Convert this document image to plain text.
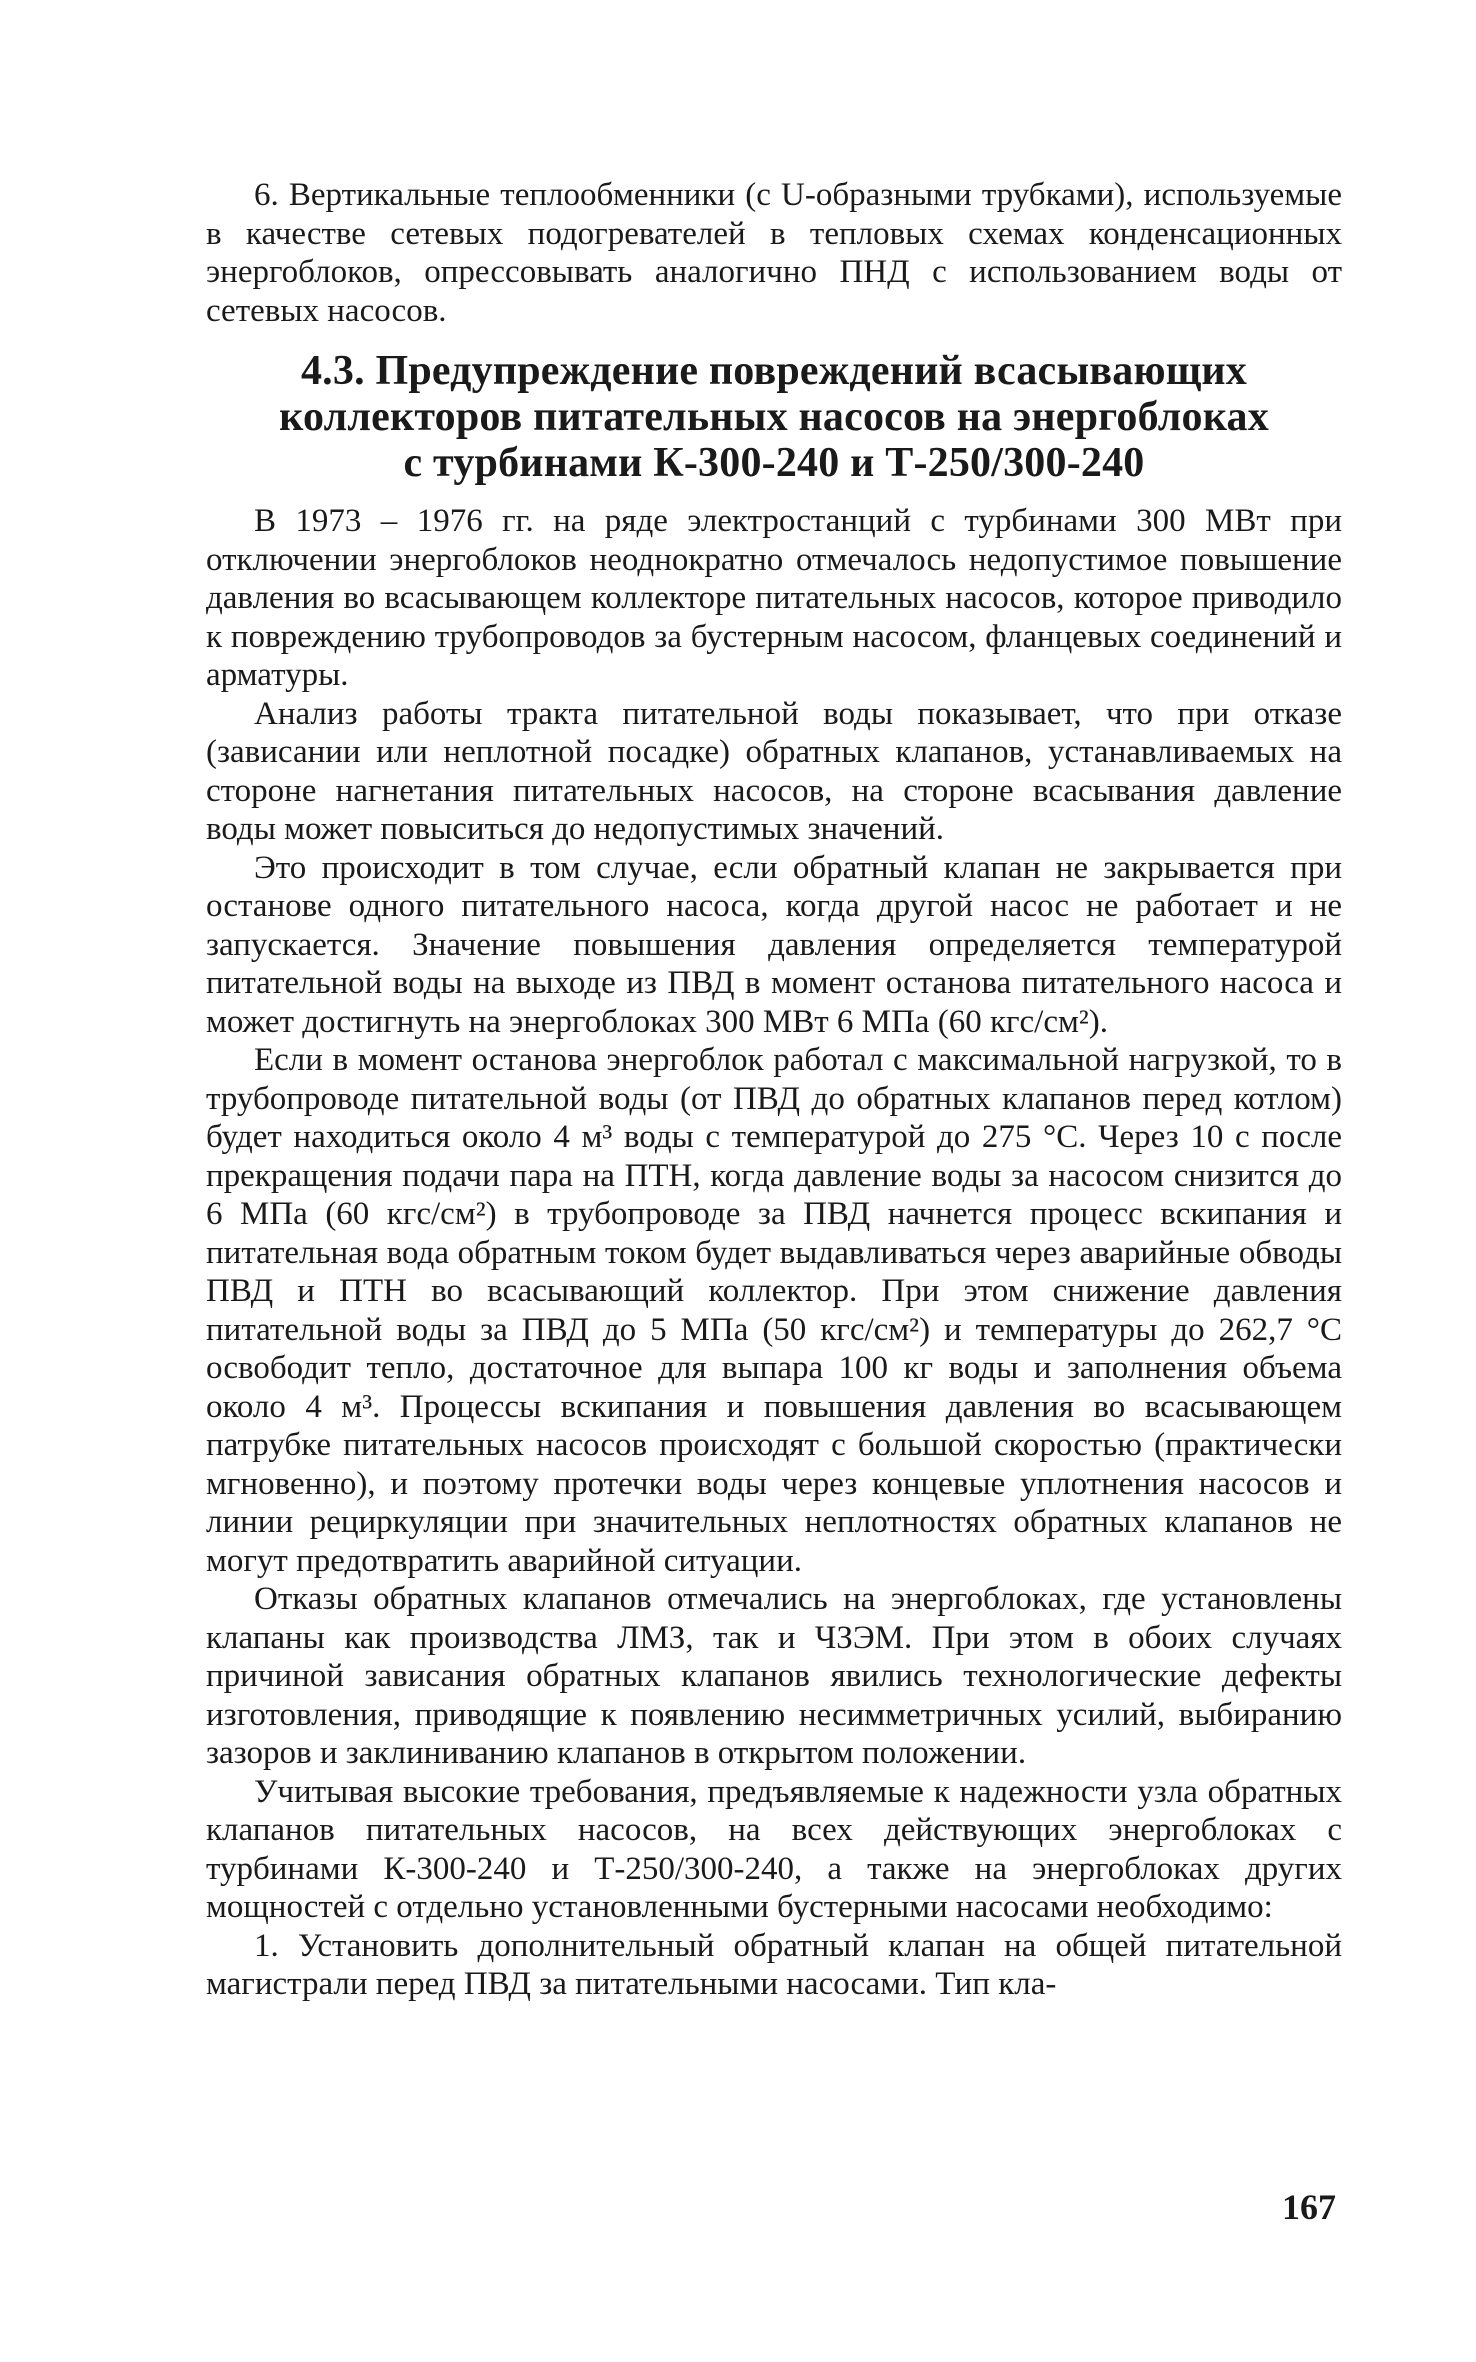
6. Вертикальные теплообменники (с U-образными трубками), используемые в качестве сетевых подогревателей в тепловых схемах конденсационных энергоблоков, опрессовывать аналогично ПНД с использованием воды от сетевых насосов.

4.3. Предупреждение повреждений всасывающих
коллекторов питательных насосов на энергоблоках
с турбинами К-300-240 и Т-250/300-240

В 1973 – 1976 гг. на ряде электростанций с турбинами 300 МВт при отключении энергоблоков неоднократно отмечалось недопустимое повышение давления во всасывающем коллекторе питательных насосов, которое приводило к повреждению трубопроводов за бустерным насосом, фланцевых соединений и арматуры.

Анализ работы тракта питательной воды показывает, что при отказе (зависании или неплотной посадке) обратных клапанов, устанавливаемых на стороне нагнетания питательных насосов, на стороне всасывания давление воды может повыситься до недопустимых значений.

Это происходит в том случае, если обратный клапан не закрывается при останове одного питательного насоса, когда другой насос не работает и не запускается. Значение повышения давления определяется температурой питательной воды на выходе из ПВД в момент останова питательного насоса и может достигнуть на энергоблоках 300 МВт 6 МПа (60 кгс/см²).

Если в момент останова энергоблок работал с максимальной нагрузкой, то в трубопроводе питательной воды (от ПВД до обратных клапанов перед котлом) будет находиться около 4 м³ воды с температурой до 275 °С. Через 10 с после прекращения подачи пара на ПТН, когда давление воды за насосом снизится до 6 МПа (60 кгс/см²) в трубопроводе за ПВД начнется процесс вскипания и питательная вода обратным током будет выдавливаться через аварийные обводы ПВД и ПТН во всасывающий коллектор. При этом снижение давления питательной воды за ПВД до 5 МПа (50 кгс/см²) и температуры до 262,7 °С освободит тепло, достаточное для выпара 100 кг воды и заполнения объема около 4 м³. Процессы вскипания и повышения давления во всасывающем патрубке питательных насосов происходят с большой скоростью (практически мгновенно), и поэтому протечки воды через концевые уплотнения насосов и линии рециркуляции при значительных неплотностях обратных клапанов не могут предотвратить аварийной ситуации.

Отказы обратных клапанов отмечались на энергоблоках, где установлены клапаны как производства ЛМЗ, так и ЧЗЭМ. При этом в обоих случаях причиной зависания обратных клапанов явились технологические дефекты изготовления, приводящие к появлению несимметричных усилий, выбиранию зазоров и заклиниванию клапанов в открытом положении.

Учитывая высокие требования, предъявляемые к надежности узла обратных клапанов питательных насосов, на всех действующих энергоблоках с турбинами К-300-240 и Т-250/300-240, а также на энергоблоках других мощностей с отдельно установленными бустерными насосами необходимо:

1. Установить дополнительный обратный клапан на общей питательной магистрали перед ПВД за питательными насосами. Тип кла-

167
